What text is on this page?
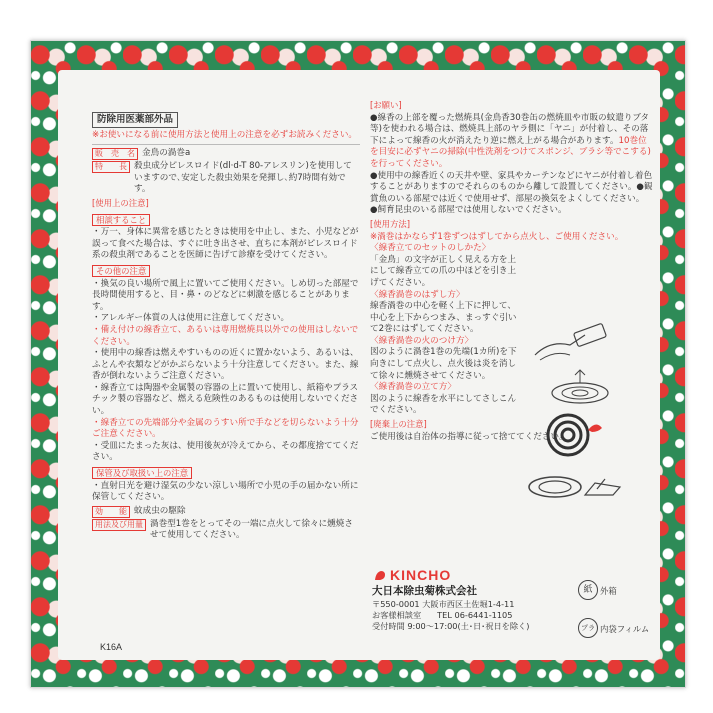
防除用医薬部外品

※お使いになる前に使用方法と使用上の注意を必ずお読みください。

販　売　名 金鳥の渦巻a
特　　長 殺虫成分ピレスロイド(dl·d-T 80-アレスリン)を使用していますので､安定した殺虫効果を発揮し､約7時間有効です。
[使用上の注意]
相談すること

・万一、身体に異常を感じたときは使用を中止し、また、小児などが誤って食べた場合は、すぐに吐き出させ、直ちに本剤がピレスロイド系の殺虫剤であることを医師に告げて診療を受けてください。

その他の注意

・換気の良い場所で風上に置いてご使用ください。しめ切った部屋で長時間使用すると、目・鼻・のどなどに刺激を感じることがあります。

・アレルギー体質の人は使用に注意してください。

・備え付けの線香立て、あるいは専用燃焼具以外での使用はしないでください。

・使用中の線香は燃えやすいものの近くに置かないよう、あるいは、ふとんや衣類などがかぶらないよう十分注意してください。また、線香が倒れないようご注意ください。

・線香立ては陶器や金属製の容器の上に置いて使用し、紙箱やプラスチック製の容器など、燃える危険性のあるものは使用しないでください。

・線香立ての先端部分や金属のうすい所で手などを切らないよう十分ご注意ください。

・受皿にたまった灰は、使用後灰が冷えてから、その都度捨ててください。

保管及び取扱い上の注意

・直射日光を避け湿気の少ない涼しい場所で小児の手の届かない所に保管してください。

効　　能 蚊成虫の駆除
用法及び用量 渦巻型1巻をとってその一端に点火して徐々に燻焼させて使用してください。
K16A
[お願い]

●線香の上部を覆った燃焼具(金鳥香30巻缶の燃焼皿や市販の蚊遣りブタ等)を使われる場合は、燃焼具上部のヤラ側に「ヤニ」が付着し、その落下によって線香の火が消えたり逆に燃え上がる場合があります。10巻位を目安に必ずヤニの掃除(中性洗剤をつけてスポンジ、ブラシ等でこする)を行ってください。

●使用中の線香近くの天井や壁、家具やカーテンなどにヤニが付着し着色することがありますのでそれらのものから離して設置してください。●観賞魚のいる部屋では近くで使用せず、部屋の換気をよくしてください。

●飼育昆虫のいる部屋では使用しないでください。

[使用方法]

※渦巻はかならず1巻ずつはずしてから点火し、ご使用ください。

〈線香立てのセットのしかた〉

「金鳥」の文字が正しく見える方を上にして線香立ての爪の中ほどを引き上げてください。

〈線香渦巻のはずし方〉

線香渦巻の中心を軽く上下に押して、中心を上下からつまみ、まっすぐ引いて2巻にはずしてください。

〈線香渦巻の火のつけ方〉

図のように渦巻1巻の先端(1カ所)を下向きにして点火し、点火後は炎を消して徐々に燻焼させてください。

〈線香渦巻の立て方〉

図のように線香を水平にしてさしこんでください。

[廃棄上の注意]

ご使用後は自治体の指導に従って捨ててください。

KINCHO
大日本除虫菊株式会社
〒550-0001 大阪市西区土佐堀1-4-11
お客様相談室 TEL 06-6441-1105
受付時間 9:00〜17:00(土･日･祝日を除く)
紙 外箱
プラ 内袋フィルム
